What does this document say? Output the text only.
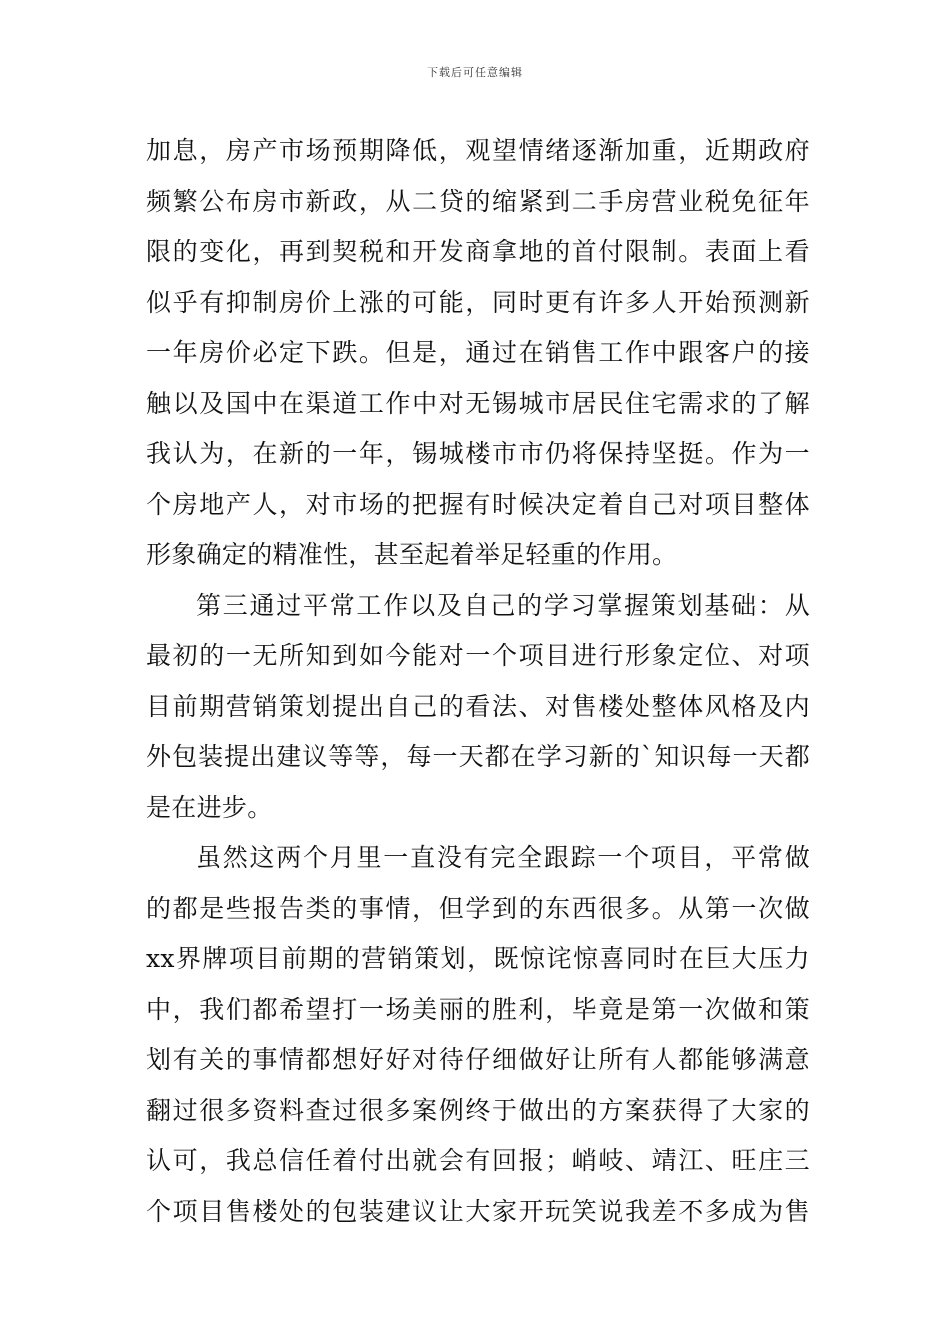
下载后可任意编辑
加息，房产市场预期降低，观望情绪逐渐加重，近期政府
频繁公布房市新政，从二贷的缩紧到二手房营业税免征年
限的变化，再到契税和开发商拿地的首付限制。表面上看
似乎有抑制房价上涨的可能，同时更有许多人开始预测新
一年房价必定下跌。但是，通过在销售工作中跟客户的接
触以及国中在渠道工作中对无锡城市居民住宅需求的了解
我认为，在新的一年，锡城楼市市仍将保持坚挺。作为一
个房地产人，对市场的把握有时候决定着自己对项目整体
形象确定的精准性，甚至起着举足轻重的作用。
第三通过平常工作以及自己的学习掌握策划基础：从
最初的一无所知到如今能对一个项目进行形象定位、对项
目前期营销策划提出自己的看法、对售楼处整体风格及内
外包装提出建议等等，每一天都在学习新的`知识每一天都
是在进步。
虽然这两个月里一直没有完全跟踪一个项目，平常做
的都是些报告类的事情，但学到的东西很多。从第一次做
xx界牌项目前期的营销策划，既惊诧惊喜同时在巨大压力
中，我们都希望打一场美丽的胜利，毕竟是第一次做和策
划有关的事情都想好好对待仔细做好让所有人都能够满意
翻过很多资料查过很多案例终于做出的方案获得了大家的
认可，我总信任着付出就会有回报；峭岐、靖江、旺庄三
个项目售楼处的包装建议让大家开玩笑说我差不多成为售
